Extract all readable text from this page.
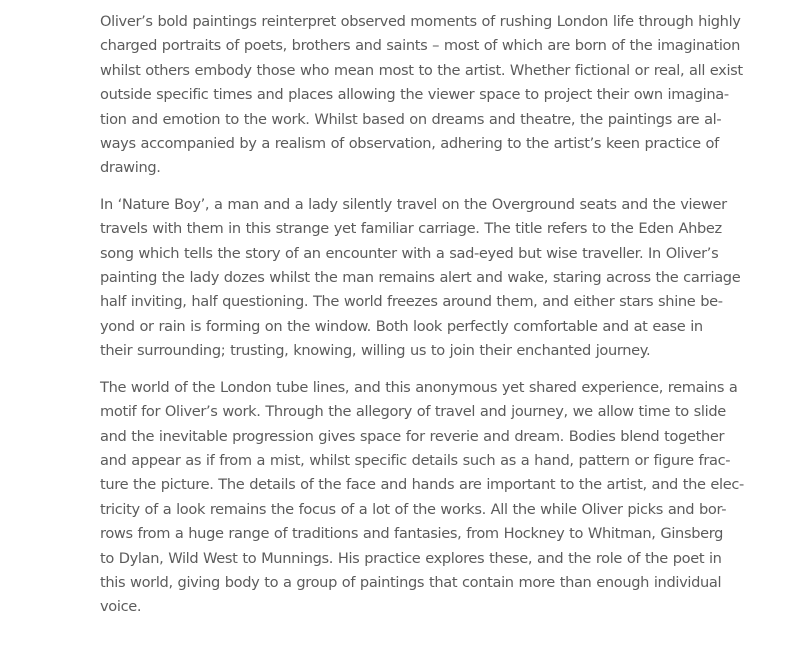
Oliver’s bold paintings reinterpret observed moments of rushing London life through highly
charged portraits of poets, brothers and saints – most of which are born of the imagination
whilst others embody those who mean most to the artist. Whether fictional or real, all exist
outside specific times and places allowing the viewer space to project their own imagina-
tion and emotion to the work. Whilst based on dreams and theatre, the paintings are al-
ways accompanied by a realism of observation, adhering to the artist’s keen practice of
drawing.

In ‘Nature Boy’, a man and a lady silently travel on the Overground seats and the viewer
travels with them in this strange yet familiar carriage. The title refers to the Eden Ahbez
song which tells the story of an encounter with a sad-eyed but wise traveller. In Oliver’s
painting the lady dozes whilst the man remains alert and wake, staring across the carriage
half inviting, half questioning. The world freezes around them, and either stars shine be-
yond or rain is forming on the window. Both look perfectly comfortable and at ease in
their surrounding; trusting, knowing, willing us to join their enchanted journey.

The world of the London tube lines, and this anonymous yet shared experience, remains a
motif for Oliver’s work. Through the allegory of travel and journey, we allow time to slide
and the inevitable progression gives space for reverie and dream. Bodies blend together
and appear as if from a mist, whilst specific details such as a hand, pattern or figure frac-
ture the picture. The details of the face and hands are important to the artist, and the elec-
tricity of a look remains the focus of a lot of the works. All the while Oliver picks and bor-
rows from a huge range of traditions and fantasies, from Hockney to Whitman, Ginsberg
to Dylan, Wild West to Munnings. His practice explores these, and the role of the poet in
this world, giving body to a group of paintings that contain more than enough individual
voice.
